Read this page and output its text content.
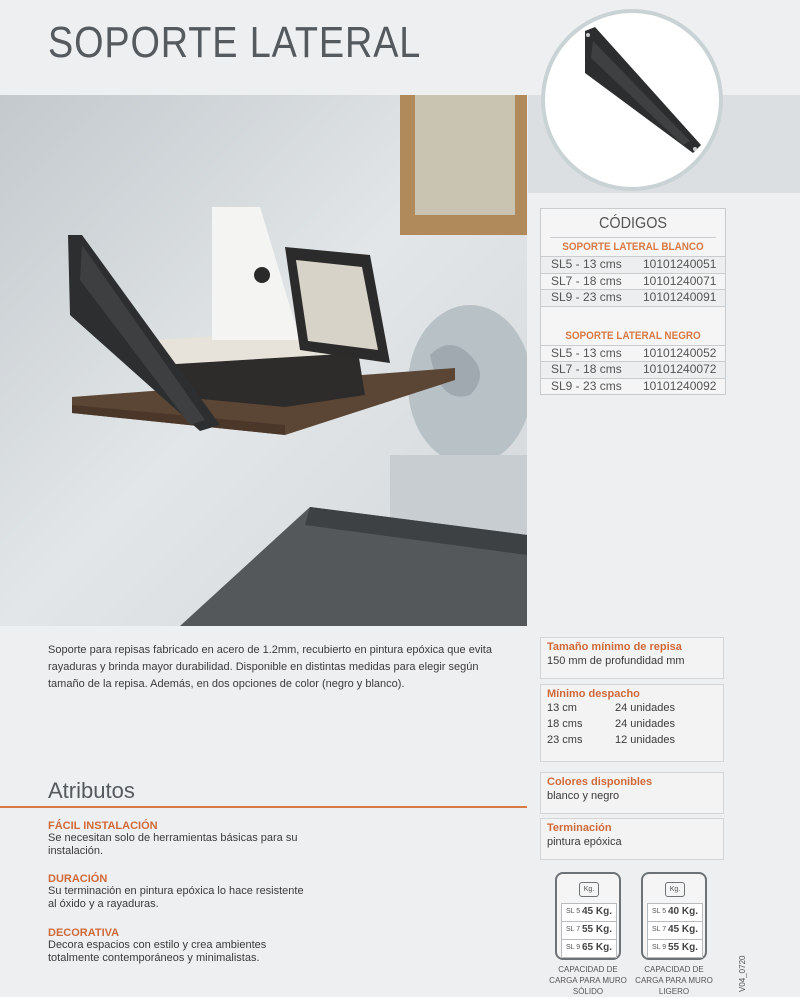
SOPORTE LATERAL
CÓDIGOS
SOPORTE LATERAL BLANCO
SL5 - 13 cms	10101240051
SL7 - 18 cms	10101240071
SL9 - 23 cms	10101240091
SOPORTE LATERAL NEGRO
SL5 - 13 cms	10101240052
SL7 - 18 cms	10101240072
SL9 - 23 cms	10101240092
Soporte para repisas fabricado en acero de 1.2mm, recubierto en pintura epóxica que evita rayaduras y brinda mayor durabilidad. Disponible en distintas medidas para elegir según tamaño de la repisa. Además, en dos opciones de color (negro y blanco).
Tamaño mínimo de repisa
150 mm de profundidad mm
Mínimo despacho
13 cm	24 unidades
18 cms	24 unidades
23 cms	12 unidades
Colores disponibles
blanco y negro
Terminación
pintura epóxica
Atributos
FÁCIL INSTALACIÓN
Se necesitan solo de herramientas básicas para su instalación.
DURACIÓN
Su terminación en pintura epóxica lo hace resistente al óxido y a rayaduras.
DECORATIVA
Decora espacios con estilo y crea ambientes totalmente contemporáneos y minimalistas.
Kg.
SL 5 45 Kg.
SL 7 55 Kg.
SL 9 65 Kg.
CAPACIDAD DE CARGA PARA MURO SÓLIDO
Kg.
SL 5 40 Kg.
SL 7 45 Kg.
SL 9 55 Kg.
CAPACIDAD DE CARGA PARA MURO LIGERO	V04_0720
